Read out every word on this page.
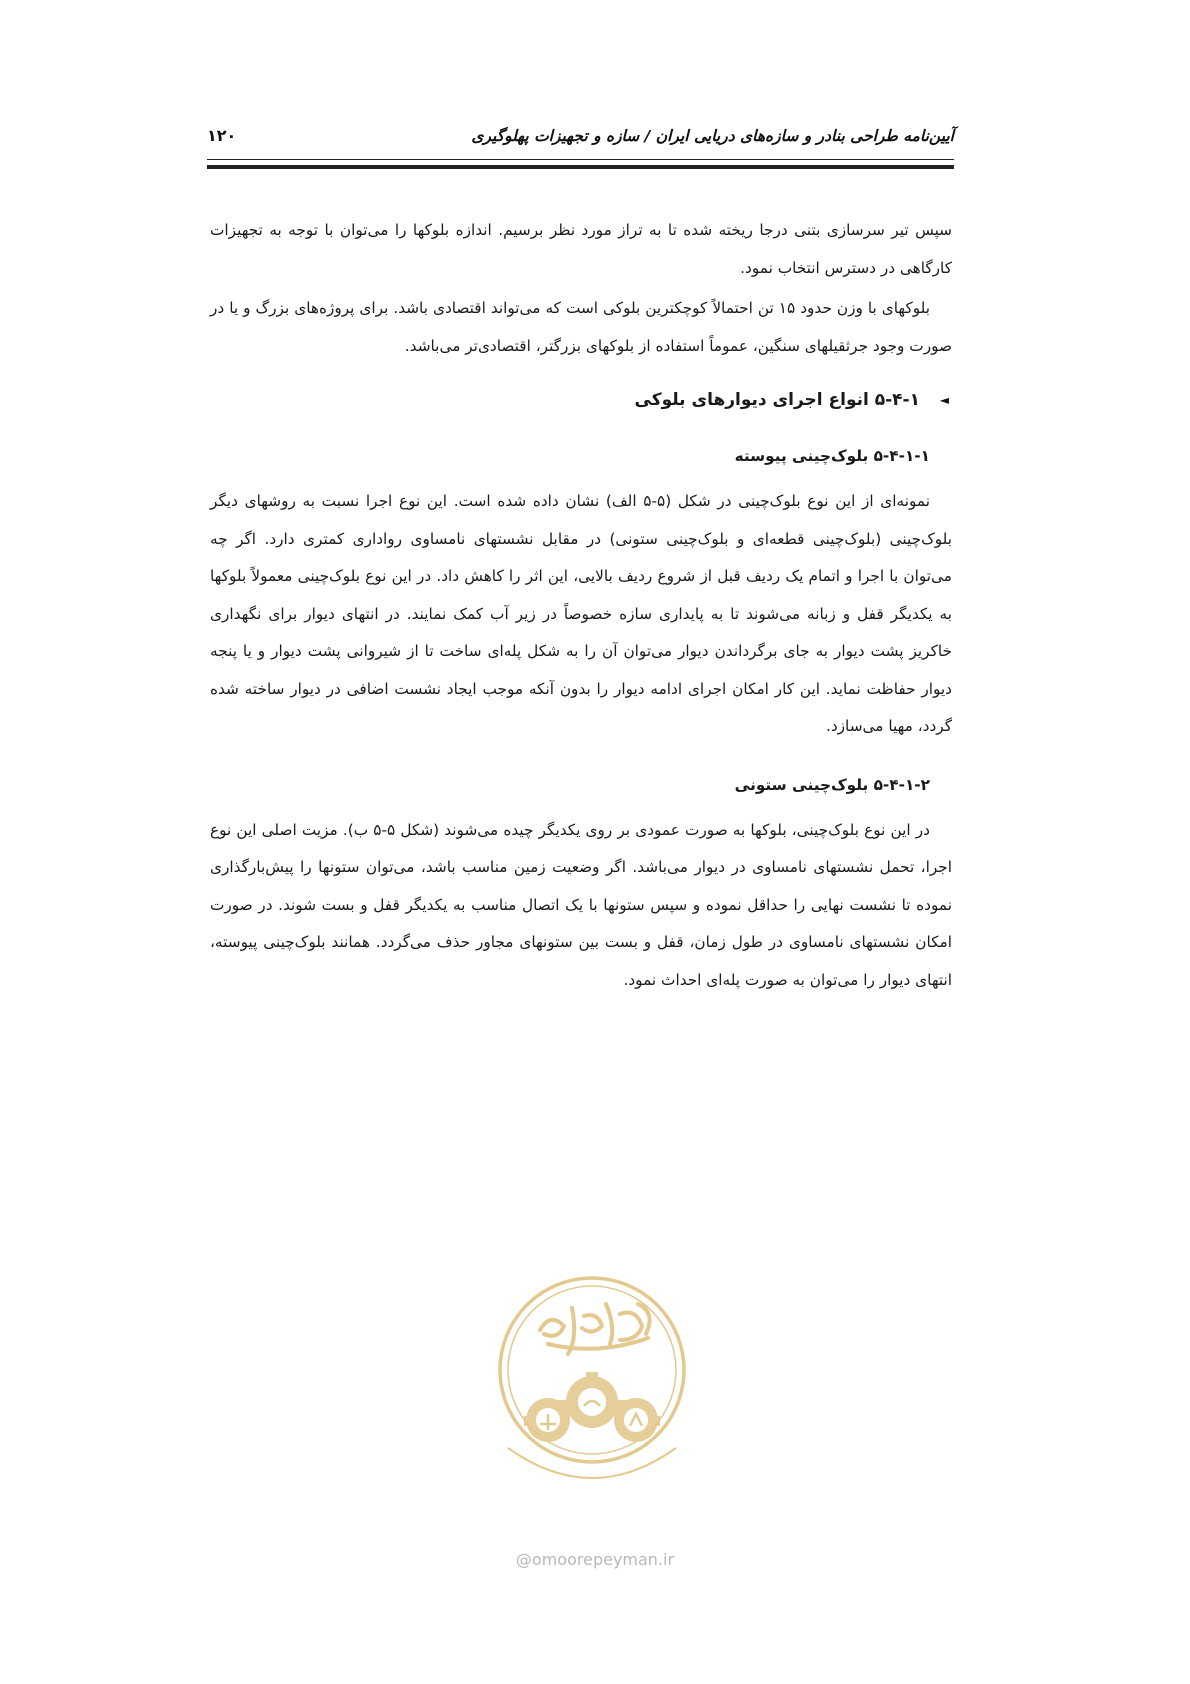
آیین‌نامه طراحی بنادر و سازه‌های دریایی ایران / سازه و تجهیزات پهلوگیری
۱۲۰

سپس تیر سرسازی بتنی درجا ریخته شده تا به تراز مورد نظر برسیم. اندازه بلوکها را می‌توان با توجه به تجهیزات کارگاهی در دسترس انتخاب نمود.

بلوکهای با وزن حدود ۱۵ تن احتمالاً کوچکترین بلوکی است که می‌تواند اقتصادی باشد. برای پروژه‌های بزرگ و یا در صورت وجود جرثقیلهای سنگین، عموماً استفاده از بلوکهای بزرگتر، اقتصادی‌تر می‌باشد.

◄
۵-۴-۱ انواع اجرای دیوارهای بلوکی
۵-۴-۱-۱ بلوک‌چینی پیوسته

نمونه‌ای از این نوع بلوک‌چینی در شکل (۵-۵ الف) نشان داده شده است. این نوع اجرا نسبت به روشهای دیگر بلوک‌چینی (بلوک‌چینی قطعه‌ای و بلوک‌چینی ستونی) در مقابل نشستهای نامساوی رواداری کمتری دارد. اگر چه می‌توان با اجرا و اتمام یک ردیف قبل از شروع ردیف بالایی، این اثر را کاهش داد. در این نوع بلوک‌چینی معمولاً بلوکها به یکدیگر قفل و زبانه می‌شوند تا به پایداری سازه خصوصاً در زیر آب کمک نمایند. در انتهای دیوار برای نگهداری خاکریز پشت دیوار به جای برگرداندن دیوار می‌توان آن را به شکل پله‌ای ساخت تا از شیروانی پشت دیوار و یا پنجه دیوار حفاظت نماید. این کار امکان اجرای ادامه دیوار را بدون آنکه موجب ایجاد نشست اضافی در دیوار ساخته شده گردد، مهیا می‌سازد.

۵-۴-۱-۲ بلوک‌چینی ستونی

در این نوع بلوک‌چینی، بلوکها به صورت عمودی بر روی یکدیگر چیده می‌شوند (شکل ۵-۵ ب). مزیت اصلی این نوع اجرا، تحمل نشستهای نامساوی در دیوار می‌باشد. اگر وضعیت زمین مناسب باشد، می‌توان ستونها را پیش‌بارگذاری نموده تا نشست نهایی را حداقل نموده و سپس ستونها با یک اتصال مناسب به یکدیگر قفل و بست شوند. در صورت امکان نشستهای نامساوی در طول زمان، قفل و بست بین ستونهای مجاور حذف می‌گردد. همانند بلوک‌چینی پیوسته، انتهای دیوار را می‌توان به صورت پله‌ای احداث نمود.

@omoorepeyman.ir
